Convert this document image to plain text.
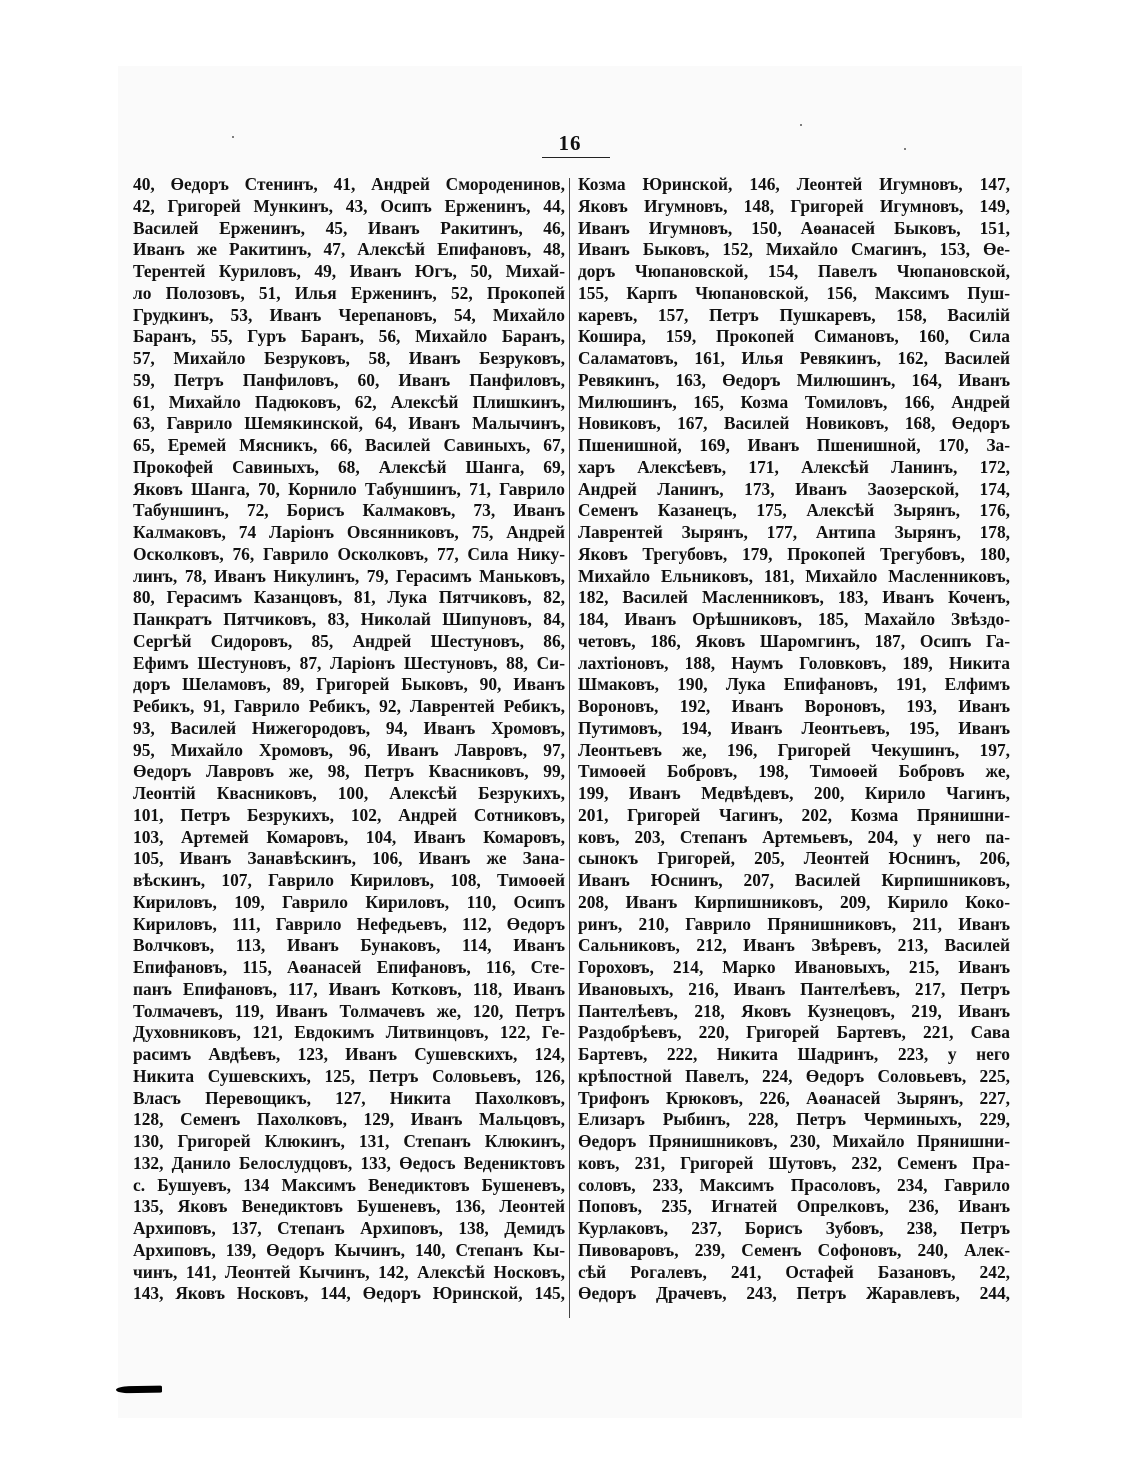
16
40, Өедоръ Стенинъ, 41, Андрей Смороденинов,
42, Григорей Мункинъ, 43, Осипъ Ерженинъ, 44,
Василей Ерженинъ, 45, Иванъ Ракитинъ, 46,
Иванъ же Ракитинъ, 47, Алексѣй Епифановъ, 48,
Терентей Куриловъ, 49, Иванъ Югъ, 50, Михай-
ло Полозовъ, 51, Илья Ерженинъ, 52, Прокопей
Грудкинъ, 53, Иванъ Черепановъ, 54, Михайло
Баранъ, 55, Гуръ Баранъ, 56, Михайло Баранъ,
57, Михайло Безруковъ, 58, Иванъ Безруковъ,
59, Петръ Панфиловъ, 60, Иванъ Панфиловъ,
61, Михайло Падюковъ, 62, Алексѣй Плишкинъ,
63, Гаврило Шемякинской, 64, Иванъ Малычинъ,
65, Еремей Мясникъ, 66, Василей Савиныхъ, 67,
Прокофей Савиныхъ, 68, Алексѣй Шанга, 69,
Яковъ Шанга, 70, Корнило Табуншинъ, 71, Гаврило
Табуншинъ, 72, Борисъ Калмаковъ, 73, Иванъ
Калмаковъ, 74 Ларіонъ Овсянниковъ, 75, Андрей
Осколковъ, 76, Гаврило Осколковъ, 77, Сила Нику-
линъ, 78, Иванъ Никулинъ, 79, Герасимъ Маньковъ,
80, Герасимъ Казанцовъ, 81, Лука Пятчиковъ, 82,
Панкратъ Пятчиковъ, 83, Николай Шипуновъ, 84,
Сергѣй Сидоровъ, 85, Андрей Шестуновъ, 86,
Ефимъ Шестуновъ, 87, Ларіонъ Шестуновъ, 88, Си-
доръ Шеламовъ, 89, Григорей Быковъ, 90, Иванъ
Ребикъ, 91, Гаврило Ребикъ, 92, Лаврентей Ребикъ,
93, Василей Нижегородовъ, 94, Иванъ Хромовъ,
95, Михайло Хромовъ, 96, Иванъ Лавровъ, 97,
Өедоръ Лавровъ же, 98, Петръ Квасниковъ, 99,
Леонтій Квасниковъ, 100, Алексѣй Безрукихъ,
101, Петръ Безрукихъ, 102, Андрей Сотниковъ,
103, Артемей Комаровъ, 104, Иванъ Комаровъ,
105, Иванъ Занавѣскинъ, 106, Иванъ же Зана-
вѣскинъ, 107, Гаврило Кириловъ, 108, Тимоөей
Кириловъ, 109, Гаврило Кириловъ, 110, Осипъ
Кириловъ, 111, Гаврило Нефедьевъ, 112, Өедоръ
Волчковъ, 113, Иванъ Бунаковъ, 114, Иванъ
Епифановъ, 115, Аөанасей Епифановъ, 116, Сте-
панъ Епифановъ, 117, Иванъ Котковъ, 118, Иванъ
Толмачевъ, 119, Иванъ Толмачевъ же, 120, Петръ
Духовниковъ, 121, Евдокимъ Литвинцовъ, 122, Ге-
расимъ Авдѣевъ, 123, Иванъ Сушевскихъ, 124,
Никита Сушевскихъ, 125, Петръ Соловьевъ, 126,
Власъ Перевощикъ, 127, Никита Пахолковъ,
128, Семенъ Пахолковъ, 129, Иванъ Мальцовъ,
130, Григорей Клюкинъ, 131, Степанъ Клюкинъ,
132, Данило Белослудцовъ, 133, Өедосъ Ведениктовъ
с. Бушуевъ, 134 Максимъ Венедиктовъ Бушеневъ,
135, Яковъ Венедиктовъ Бушеневъ, 136, Леонтей
Архиповъ, 137, Степанъ Архиповъ, 138, Демидъ
Архиповъ, 139, Өедоръ Кычинъ, 140, Степанъ Кы-
чинъ, 141, Леонтей Кычинъ, 142, Алексѣй Носковъ,
143, Яковъ Носковъ, 144, Өедоръ Юринской, 145,
Козма Юринской, 146, Леонтей Игумновъ, 147,
Яковъ Игумновъ, 148, Григорей Игумновъ, 149,
Иванъ Игумновъ, 150, Аөанасей Быковъ, 151,
Иванъ Быковъ, 152, Михайло Смагинъ, 153, Өе-
доръ Чюпановской, 154, Павелъ Чюпановской,
155, Карпъ Чюпановской, 156, Максимъ Пуш-
каревъ, 157, Петръ Пушкаревъ, 158, Василій
Кошира, 159, Прокопей Симановъ, 160, Сила
Саламатовъ, 161, Илья Ревякинъ, 162, Василей
Ревякинъ, 163, Өедоръ Милюшинъ, 164, Иванъ
Милюшинъ, 165, Козма Томиловъ, 166, Андрей
Новиковъ, 167, Василей Новиковъ, 168, Өедоръ
Пшенишной, 169, Иванъ Пшенишной, 170, За-
харъ Алексѣевъ, 171, Алексѣй Ланинъ, 172,
Андрей Ланинъ, 173, Иванъ Заозерской, 174,
Семенъ Казанецъ, 175, Алексѣй Зырянъ, 176,
Лаврентей Зырянъ, 177, Антипа Зырянъ, 178,
Яковъ Трегубовъ, 179, Прокопей Трегубовъ, 180,
Михайло Ельниковъ, 181, Михайло Масленниковъ,
182, Василей Масленниковъ, 183, Иванъ Коченъ,
184, Иванъ Орѣшниковъ, 185, Махайло Звѣздо-
четовъ, 186, Яковъ Шаромгинъ, 187, Осипъ Га-
лахтіоновъ, 188, Наумъ Головковъ, 189, Никита
Шмаковъ, 190, Лука Епифановъ, 191, Елфимъ
Вороновъ, 192, Иванъ Вороновъ, 193, Иванъ
Путимовъ, 194, Иванъ Леонтьевъ, 195, Иванъ
Леонтьевъ же, 196, Григорей Чекушинъ, 197,
Тимоөей Бобровъ, 198, Тимоөей Бобровъ же,
199, Иванъ Медвѣдевъ, 200, Кирило Чагинъ,
201, Григорей Чагинъ, 202, Козма Прянишни-
ковъ, 203, Степанъ Артемьевъ, 204, у него па-
сынокъ Григорей, 205, Леонтей Юснинъ, 206,
Иванъ Юснинъ, 207, Василей Кирпишниковъ,
208, Иванъ Кирпишниковъ, 209, Кирило Коко-
ринъ, 210, Гаврило Прянишниковъ, 211, Иванъ
Сальниковъ, 212, Иванъ Звѣревъ, 213, Василей
Гороховъ, 214, Марко Ивановыхъ, 215, Иванъ
Ивановыхъ, 216, Иванъ Пантелѣевъ, 217, Петръ
Пантелѣевъ, 218, Яковъ Кузнецовъ, 219, Иванъ
Раздобрѣевъ, 220, Григорей Бартевъ, 221, Сава
Бартевъ, 222, Никита Шадринъ, 223, у него
крѣпостной Павелъ, 224, Өедоръ Соловьевъ, 225,
Трифонъ Крюковъ, 226, Аөанасей Зырянъ, 227,
Елизаръ Рыбинъ, 228, Петръ Черминыхъ, 229,
Өедоръ Прянишниковъ, 230, Михайло Прянишни-
ковъ, 231, Григорей Шутовъ, 232, Семенъ Пра-
соловъ, 233, Максимъ Прасоловъ, 234, Гаврило
Поповъ, 235, Игнатей Опрелковъ, 236, Иванъ
Курлаковъ, 237, Борисъ Зубовъ, 238, Петръ
Пивоваровъ, 239, Семенъ Софоновъ, 240, Алек-
сѣй Рогалевъ, 241, Остафей Базановъ, 242,
Өедоръ Драчевъ, 243, Петръ Жаравлевъ, 244,
